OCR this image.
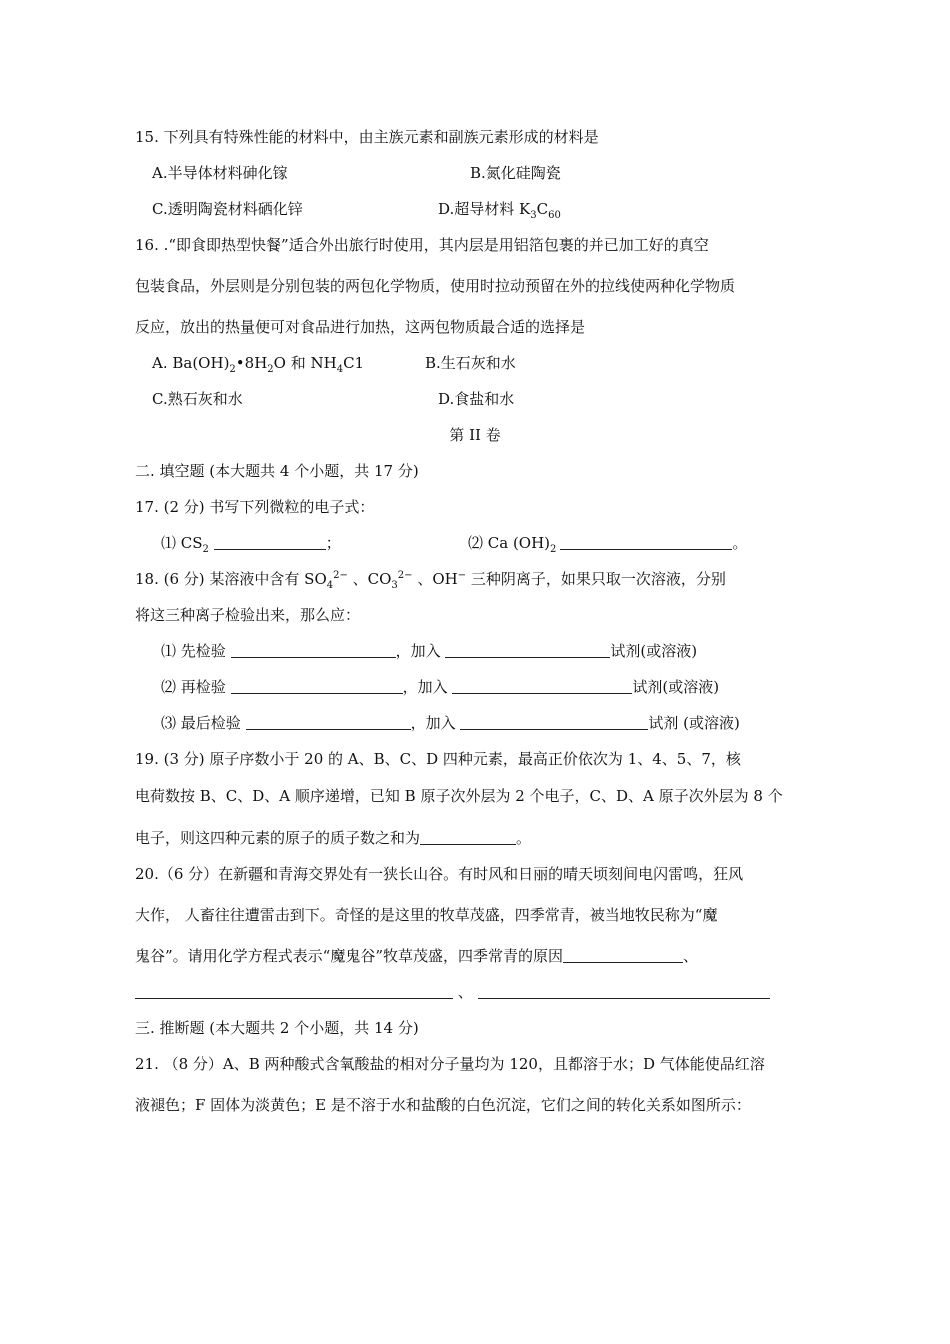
15. 下列具有特殊性能的材料中，由主族元素和副族元素形成的材料是
A.半导体材料砷化镓	B.氮化硅陶瓷
C.透明陶瓷材料硒化锌	D.超导材料 $K_3C_{60}$
16. .“即食即热型快餐”适合外出旅行时使用，其内层是用铝箔包裹的并已加工好的真空
包装食品，外层则是分别包装的两包化学物质，使用时拉动预留在外的拉线使两种化学物质
反应，放出的热量便可对食品进行加热，这两包物质最合适的选择是
A. $Ba(OH)_2•8H_2O$ 和 $NH_4C1$	B.生石灰和水
C.熟石灰和水	D.食盐和水
第 II 卷
二. 填空题 (本大题共 4 个小题，共 17 分)
17. (2 分) 书写下列微粒的电子式：
⑴ $CS_2$	；	⑵ Ca $(OH)_2$	。
18. (6 分) 某溶液中含有 $SO_4^{2-}$ 、$CO_3^{2-}$ 、OH− 三种阴离子，如果只取一次溶液，分别
将这三种离子检验出来，那么应：
⑴ 先检验	，加入	试剂(或溶液)
⑵ 再检验	，加入	试剂(或溶液)
⑶ 最后检验	，加入	试剂 (或溶液)
19. (3 分) 原子序数小于 20 的 A、B、C、D 四种元素，最高正价依次为 1、4、5、7，核
电荷数按 B、C、D、A 顺序递增，已知 B 原子次外层为 2 个电子，C、D、A 原子次外层为 8 个
电子，则这四种元素的原子的质子数之和为	。
20.（6 分）在新疆和青海交界处有一狭长山谷。有时风和日丽的晴天顷刻间电闪雷鸣，狂风
大作， 人畜往往遭雷击到下。奇怪的是这里的牧草茂盛，四季常青，被当地牧民称为“魔
鬼谷”。请用化学方程式表示“魔鬼谷”牧草茂盛，四季常青的原因	、
、
三. 推断题 (本大题共 2 个小题，共 14 分)
21. （8 分）A、B 两种酸式含氧酸盐的相对分子量均为 120，且都溶于水；D 气体能使品红溶
液褪色；F 固体为淡黄色；E 是不溶于水和盐酸的白色沉淀，它们之间的转化关系如图所示：
